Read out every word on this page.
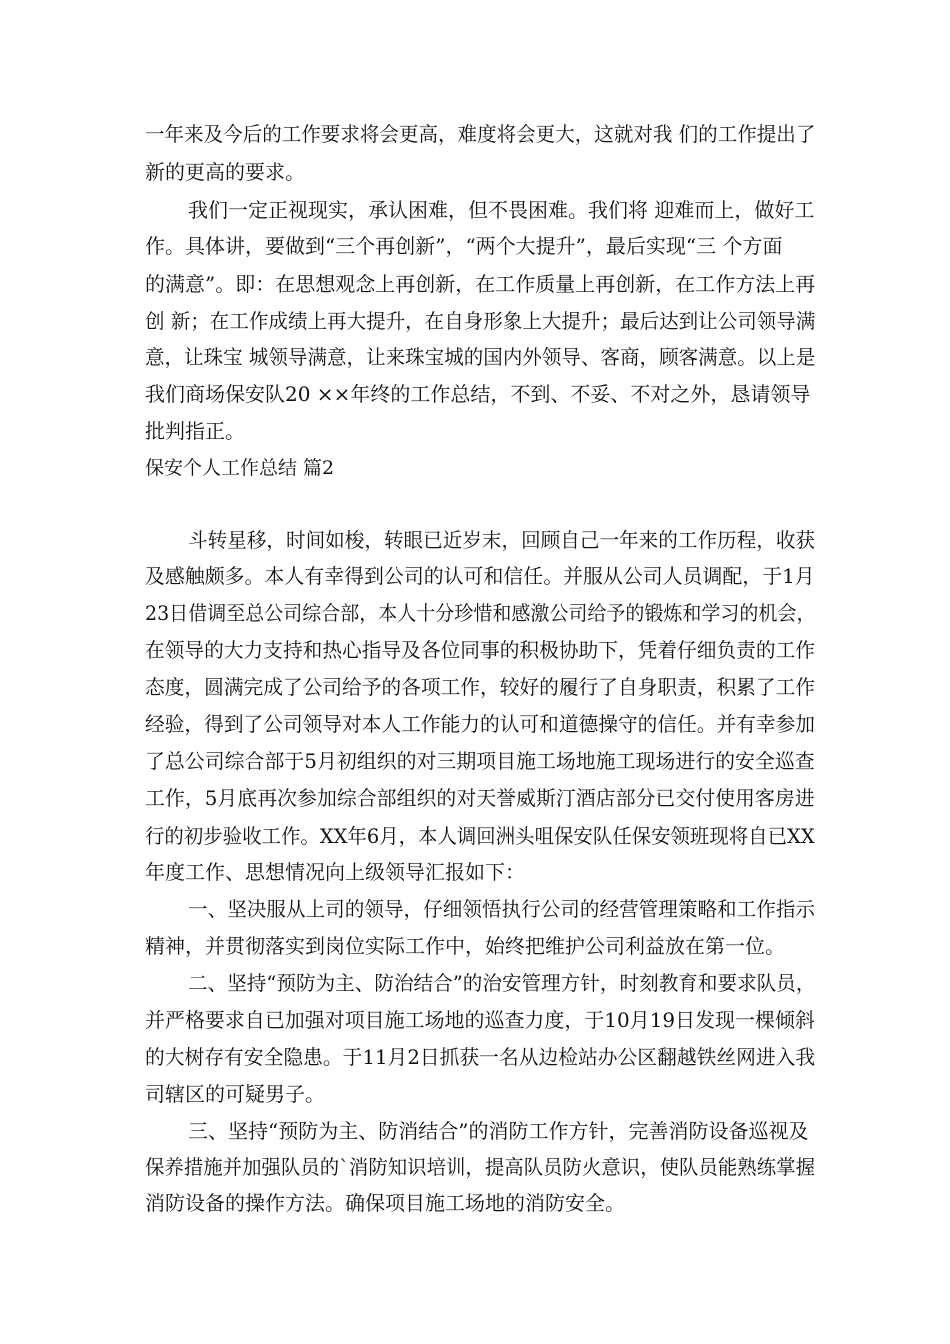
一年来及今后的工作要求将会更高，难度将会更大，这就对我 们的工作提出了
新的更高的要求。
我们一定正视现实，承认困难，但不畏困难。我们将 迎难而上，做好工
作。具体讲，要做到“三个再创新”，“两个大提升”，最后实现“三 个方面
的满意”。即：在思想观念上再创新，在工作质量上再创新，在工作方法上再
创 新；在工作成绩上再大提升，在自身形象上大提升；最后达到让公司领导满
意，让珠宝 城领导满意，让来珠宝城的国内外领导、客商，顾客满意。以上是
我们商场保安队20 ××年终的工作总结，不到、不妥、不对之外，恳请领导
批判指正。
保安个人工作总结 篇2
斗转星移，时间如梭，转眼已近岁末，回顾自己一年来的工作历程，收获
及感触颇多。本人有幸得到公司的认可和信任。并服从公司人员调配，于1月
23日借调至总公司综合部，本人十分珍惜和感激公司给予的锻炼和学习的机会，
在领导的大力支持和热心指导及各位同事的积极协助下，凭着仔细负责的工作
态度，圆满完成了公司给予的各项工作，较好的履行了自身职责，积累了工作
经验，得到了公司领导对本人工作能力的认可和道德操守的信任。并有幸参加
了总公司综合部于5月初组织的对三期项目施工场地施工现场进行的安全巡查
工作，5月底再次参加综合部组织的对天誉威斯汀酒店部分已交付使用客房进
行的初步验收工作。XX年6月，本人调回洲头咀保安队任保安领班现将自已XX
年度工作、思想情况向上级领导汇报如下：
一、坚决服从上司的领导，仔细领悟执行公司的经营管理策略和工作指示
精神，并贯彻落实到岗位实际工作中，始终把维护公司利益放在第一位。
二、坚持“预防为主、防治结合”的治安管理方针，时刻教育和要求队员，
并严格要求自已加强对项目施工场地的巡查力度，于10月19日发现一棵倾斜
的大树存有安全隐患。于11月2日抓获一名从边检站办公区翻越铁丝网进入我
司辖区的可疑男子。
三、坚持“预防为主、防消结合”的消防工作方针，完善消防设备巡视及
保养措施并加强队员的`消防知识培训，提高队员防火意识，使队员能熟练掌握
消防设备的操作方法。确保项目施工场地的消防安全。
